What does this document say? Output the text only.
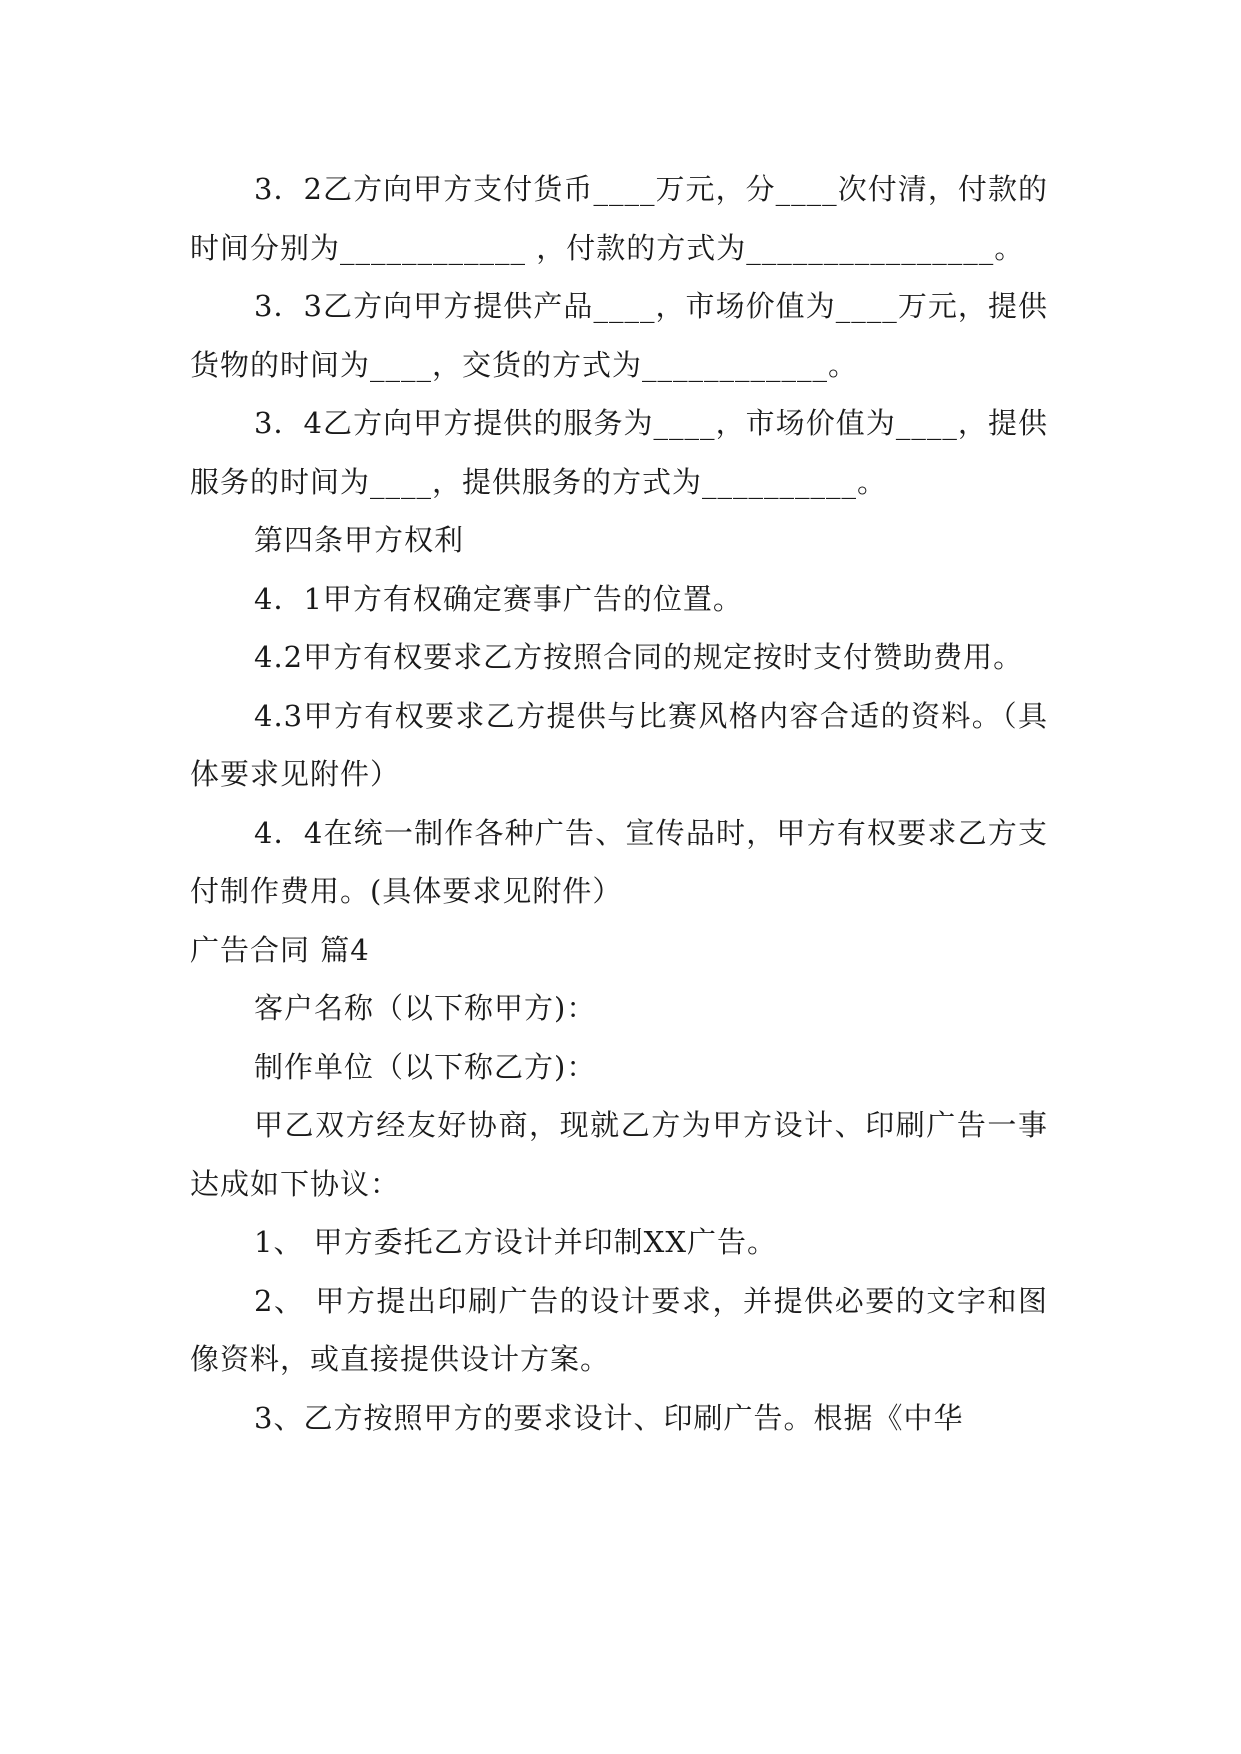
3．2乙方向甲方支付货币____万元，分____次付清，付款的时间分别为____________ ，付款的方式为________________。

3．3乙方向甲方提供产品____，市场价值为____万元，提供货物的时间为____，交货的方式为____________。

3．4乙方向甲方提供的服务为____，市场价值为____，提供服务的时间为____，提供服务的方式为__________。

第四条甲方权利

4．1甲方有权确定赛事广告的位置。

4.2甲方有权要求乙方按照合同的规定按时支付赞助费用。

4.3甲方有权要求乙方提供与比赛风格内容合适的资料。（具体要求见附件）

4．4在统一制作各种广告、宣传品时，甲方有权要求乙方支付制作费用。(具体要求见附件）

广告合同 篇4

客户名称（以下称甲方)：

制作单位（以下称乙方)：

甲乙双方经友好协商，现就乙方为甲方设计、印刷广告一事达成如下协议：

1、 甲方委托乙方设计并印制XX广告。

2、 甲方提出印刷广告的设计要求，并提供必要的文字和图像资料，或直接提供设计方案。

3、乙方按照甲方的要求设计、印刷广告。根据《中华
